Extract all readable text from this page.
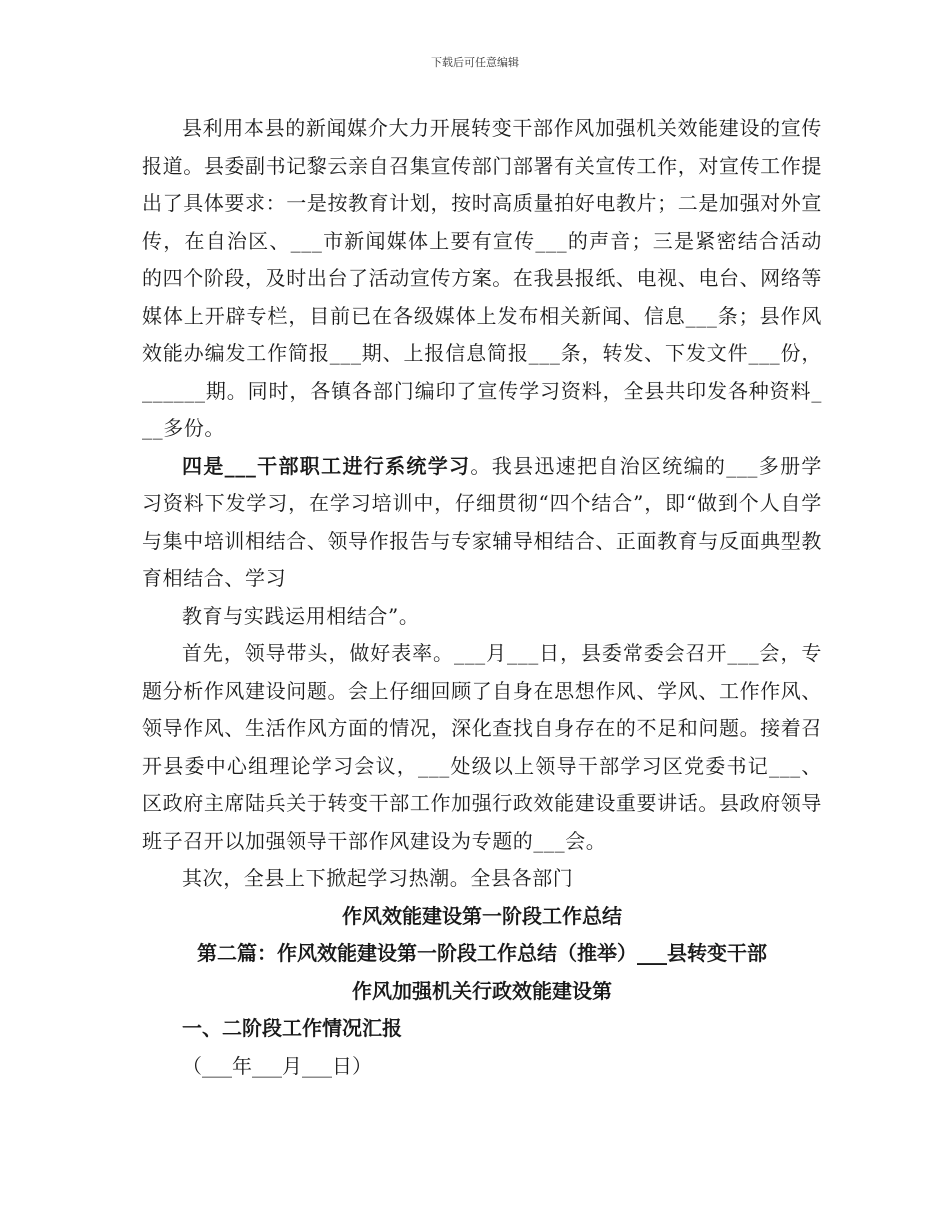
下载后可任意编辑

县利用本县的新闻媒介大力开展转变干部作风加强机关效能建设的宣传报道。县委副书记黎云亲自召集宣传部门部署有关宣传工作，对宣传工作提出了具体要求：一是按教育计划，按时高质量拍好电教片；二是加强对外宣传，在自治区、___市新闻媒体上要有宣传___的声音；三是紧密结合活动的四个阶段，及时出台了活动宣传方案。在我县报纸、电视、电台、网络等媒体上开辟专栏，目前已在各级媒体上发布相关新闻、信息___条；县作风效能办编发工作简报___期、上报信息简报___条，转发、下发文件___份，______期。同时，各镇各部门编印了宣传学习资料，全县共印发各种资料___多份。

四是___干部职工进行系统学习。我县迅速把自治区统编的___多册学习资料下发学习，在学习培训中，仔细贯彻“四个结合”，即“做到个人自学与集中培训相结合、领导作报告与专家辅导相结合、正面教育与反面典型教育相结合、学习

教育与实践运用相结合”。

首先，领导带头，做好表率。___月___日，县委常委会召开___会，专题分析作风建设问题。会上仔细回顾了自身在思想作风、学风、工作作风、领导作风、生活作风方面的情况，深化查找自身存在的不足和问题。接着召开县委中心组理论学习会议，___处级以上领导干部学习区党委书记___、区政府主席陆兵关于转变干部工作加强行政效能建设重要讲话。县政府领导班子召开以加强领导干部作风建设为专题的___会。

其次，全县上下掀起学习热潮。全县各部门

作风效能建设第一阶段工作总结

第二篇：作风效能建设第一阶段工作总结（推举）___县转变干部

作风加强机关行政效能建设第

一、二阶段工作情况汇报

（___年___月___日）
